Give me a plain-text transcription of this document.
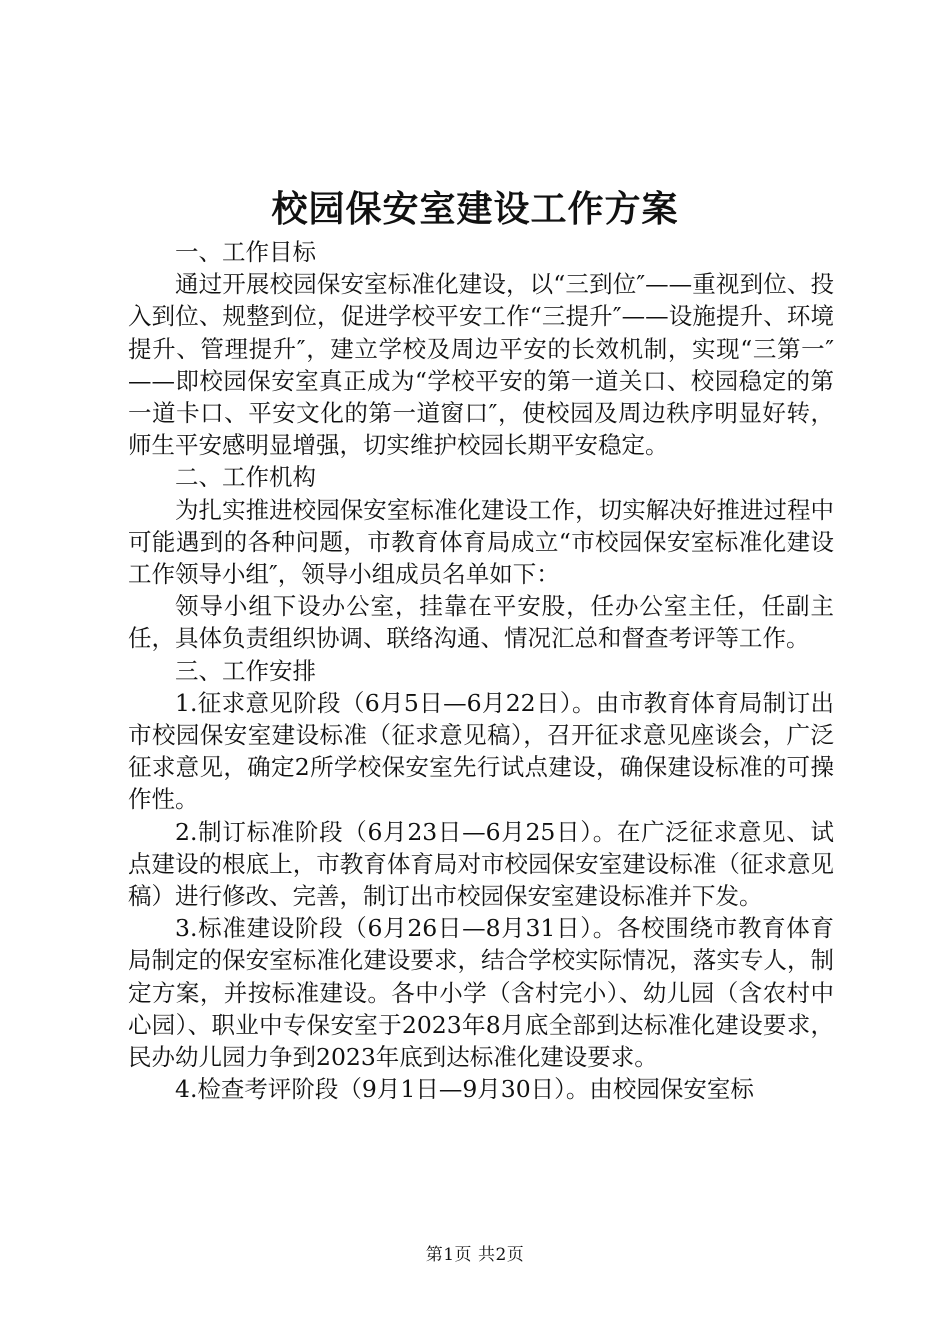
校园保安室建设工作方案

一、工作目标

通过开展校园保安室标准化建设，以“三到位″——重视到位、投入到位、规整到位，促进学校平安工作“三提升″——设施提升、环境提升、管理提升″，建立学校及周边平安的长效机制，实现“三第一″——即校园保安室真正成为“学校平安的第一道关口、校园稳定的第一道卡口、平安文化的第一道窗口″，使校园及周边秩序明显好转，师生平安感明显增强，切实维护校园长期平安稳定。

二、工作机构

为扎实推进校园保安室标准化建设工作，切实解决好推进过程中可能遇到的各种问题，市教育体育局成立“市校园保安室标准化建设工作领导小组″，领导小组成员名单如下：

领导小组下设办公室，挂靠在平安股，任办公室主任，任副主任，具体负责组织协调、联络沟通、情况汇总和督查考评等工作。

三、工作安排

1.征求意见阶段（6月5日—6月22日）。由市教育体育局制订出市校园保安室建设标准（征求意见稿），召开征求意见座谈会，广泛征求意见，确定2所学校保安室先行试点建设，确保建设标准的可操作性。

2.制订标准阶段（6月23日—6月25日）。在广泛征求意见、试点建设的根底上，市教育体育局对市校园保安室建设标准（征求意见稿）进行修改、完善，制订出市校园保安室建设标准并下发。

3.标准建设阶段（6月26日—8月31日）。各校围绕市教育体育局制定的保安室标准化建设要求，结合学校实际情况，落实专人，制定方案，并按标准建设。各中小学（含村完小）、幼儿园（含农村中心园）、职业中专保安室于2023年8月底全部到达标准化建设要求，民办幼儿园力争到2023年底到达标准化建设要求。

4.检查考评阶段（9月1日—9月30日）。由校园保安室标

第1页 共2页
